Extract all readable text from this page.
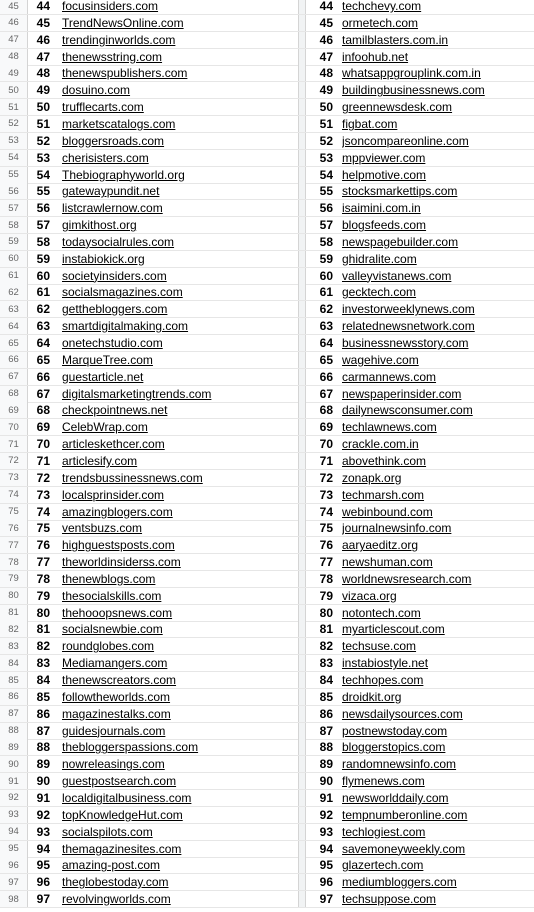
45	44	focusinsiders.com	44 techchevy.com
46	45	TrendNewsOnline.com	45 ormetech.com
47	46	trendinginworlds.com	46 tamilblasters.com.in
48	47	thenewsstring.com	47 infoohub.net
49	48	thenewspublishers.com	48 whatsappgrouplink.com.in
50	49	dosuino.com	49 buildingbusinessnews.com
51	50	trufflecarts.com	50 greennewsdesk.com
52	51	marketscatalogs.com	51 figbat.com
53	52	bloggersroads.com	52 jsoncompareonline.com
54	53	cherisisters.com	53 mppviewer.com
55	54	Thebiographyworld.org	54 helpmotive.com
56	55	gatewaypundit.net	55 stocksmarkettips.com
57	56	listcrawlernow.com	56 isaimini.com.in
58	57	gimkithost.org	57 blogsfeeds.com
59	58	todaysocialrules.com	58 newspagebuilder.com
60	59	instabiokick.org	59 ghidralite.com
61	60	societyinsiders.com	60 valleyvistanews.com
62	61	socialsmagazines.com	61 gecktech.com
63	62	getthebloggers.com	62 investorweeklynews.com
64	63	smartdigitalmaking.com	63 relatednewsnetwork.com
65	64	onetechstudio.com	64 businessnewsstory.com
66	65	MarqueTree.com	65 wagehive.com
67	66	guestarticle.net	66 carmannews.com
68	67	digitalsmarketingtrends.com	67 newspaperinsider.com
69	68	checkpointnews.net	68 dailynewsconsumer.com
70	69	CelebWrap.com	69 techlawnews.com
71	70	articleskethcer.com	70 crackle.com.in
72	71	articlesify.com	71 abovethink.com
73	72	trendsbussinessnews.com	72 zonapk.org
74	73	localsprinsider.com	73 techmarsh.com
75	74	amazingblogers.com	74 webinbound.com
76	75	ventsbuzs.com	75 journalnewsinfo.com
77	76	highguestsposts.com	76 aaryaeditz.org
78	77	theworldinsiderss.com	77 newshuman.com
79	78	thenewblogs.com	78 worldnewsresearch.com
80	79	thesocialskills.com	79 vizaca.org
81	80	thehooopsnews.com	80 notontech.com
82	81	socialsnewbie.com	81 myarticlescout.com
83	82	roundglobes.com	82 techsuse.com
84	83	Mediamangers.com	83 instabiostyle.net
85	84	thenewscreators.com	84 techhopes.com
86	85	followtheworlds.com	85 droidkit.org
87	86	magazinestalks.com	86 newsdailysources.com
88	87	guidesjournals.com	87 postnewstoday.com
89	88	thebloggerspassions.com	88 bloggerstopics.com
90	89	nowreleasings.com	89 randomnewsinfo.com
91	90	guestpostsearch.com	90 flymenews.com
92	91	localdigitalbusiness.com	91 newsworlddaily.com
93	92	topKnowledgeHut.com	92 tempnumberonline.com
94	93	socialspilots.com	93 techlogiest.com
95	94	themagazinesites.com	94 savemoneyweekly.com
96	95	amazing-post.com	95 glazertech.com
97	96	theglobestoday.com	96 mediumbloggers.com
98	97	revolvingworlds.com	97 techsuppose.com
